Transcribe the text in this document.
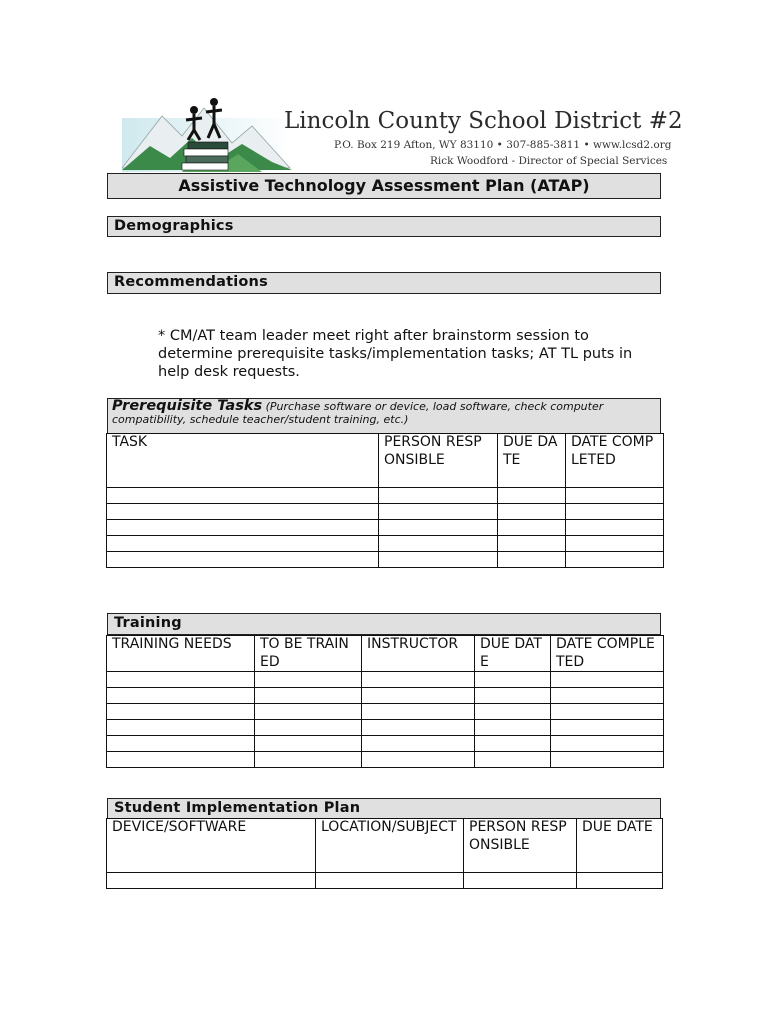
Lincoln County School District #2
P.O. Box 219 Afton, WY 83110 • 307-885-3811 • www.lcsd2.org
Rick Woodford - Director of Special Services
Assistive Technology Assessment Plan (ATAP)
Demographics
Recommendations
* CM/AT team leader meet right after brainstorm session to determine prerequisite tasks/implementation tasks; AT TL puts in help desk requests.
Prerequisite Tasks (Purchase software or device, load software, check computer compatibility, schedule teacher/student training, etc.)
TASK	PERSON RESPONSIBLE	DUE DATE	DATE COMPLETED

Training
TRAINING NEEDS	TO BE TRAINED	INSTRUCTOR	DUE DATE	DATE COMPLETED

Student Implementation Plan
DEVICE/SOFTWARE	LOCATION/SUBJECT	PERSON RESPONSIBLE	DUE DATE
